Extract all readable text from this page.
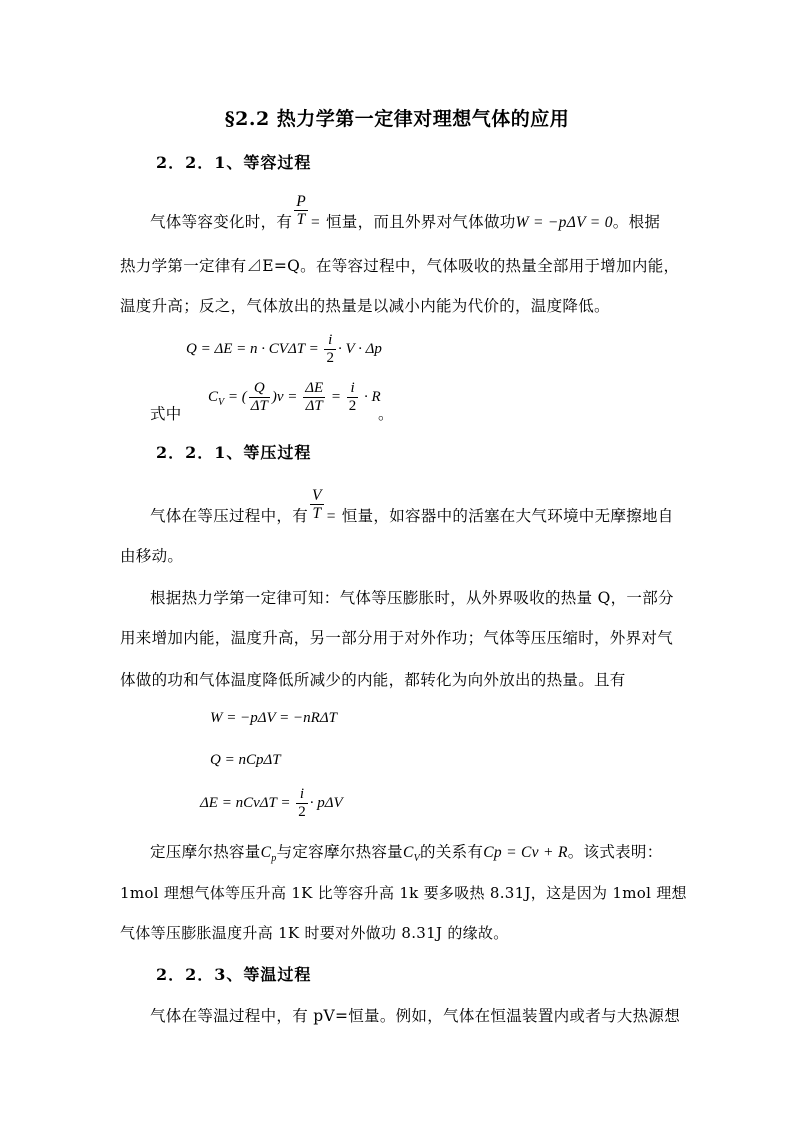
§2.2 热力学第一定律对理想气体的应用
2．2．1、等容过程
气体等容变化时，有 $\frac{P}{T}$ = 恒量，而且外界对气体做功W = −pΔV = 0。根据
热力学第一定律有⊿E=Q。在等容过程中，气体吸收的热量全部用于增加内能，
温度升高；反之，气体放出的热量是以减小内能为代价的，温度降低。
$Q = \Delta E = n \cdot CV\Delta T = \frac{i}{2} \cdot V \cdot \Delta p$
式中
$C_V$ = ( $\frac{Q}{\Delta T} )\nu = \frac{\Delta E}{\Delta T} = \frac{i}{2} \cdot R$
。
2．2．1、等压过程
气体在等压过程中，有 $\frac{V}{T}$ = 恒量，如容器中的活塞在大气环境中无摩擦地自
由移动。
根据热力学第一定律可知：气体等压膨胀时，从外界吸收的热量 Q，一部分
用来增加内能，温度升高，另一部分用于对外作功；气体等压压缩时，外界对气
体做的功和气体温度降低所减少的内能，都转化为向外放出的热量。且有
W = −pΔV = −nRΔT
Q = nCpΔT
$\Delta E = nCv\Delta T = \frac{i}{2} \cdot p\Delta V$
定压摩尔热容量$C_p$与定容摩尔热容量$C_V$的关系有Cp = Cv + R。该式表明：
1mol 理想气体等压升高 1K 比等容升高 1k 要多吸热 8.31J，这是因为 1mol 理想
气体等压膨胀温度升高 1K 时要对外做功 8.31J 的缘故。
2．2．3、等温过程
气体在等温过程中，有 pV=恒量。例如，气体在恒温装置内或者与大热源想
